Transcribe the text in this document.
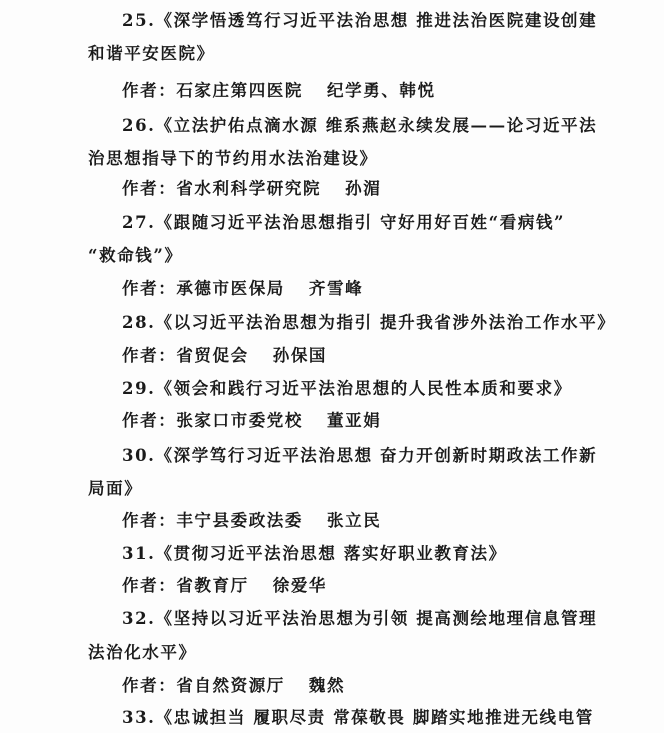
25.《深学悟透笃行习近平法治思想 推进法治医院建设创建
和谐平安医院》
作者：石家庄第四医院 纪学勇、韩悦
26.《立法护佑点滴水源 维系燕赵永续发展——论习近平法
治思想指导下的节约用水法治建设》
作者：省水利科学研究院 孙湄
27.《跟随习近平法治思想指引 守好用好百姓“看病钱”
“救命钱”》
作者：承德市医保局 齐雪峰
28.《以习近平法治思想为指引 提升我省涉外法治工作水平》
作者：省贸促会 孙保国
29.《领会和践行习近平法治思想的人民性本质和要求》
作者：张家口市委党校 董亚娟
30.《深学笃行习近平法治思想 奋力开创新时期政法工作新
局面》
作者：丰宁县委政法委 张立民
31.《贯彻习近平法治思想 落实好职业教育法》
作者：省教育厅 徐爱华
32.《坚持以习近平法治思想为引领 提高测绘地理信息管理
法治化水平》
作者：省自然资源厅 魏然
33.《忠诚担当 履职尽责 常葆敬畏 脚踏实地推进无线电管
